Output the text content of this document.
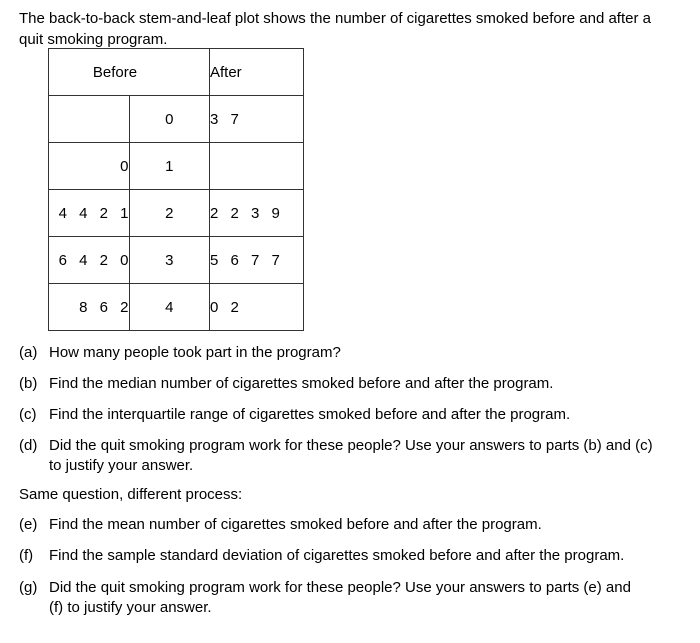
The back-to-back stem-and-leaf plot shows the number of cigarettes smoked before and after a quit smoking program.
Before		After
	0	3 7
0	1	
4 4 2 1	2	2 2 3 9
6 4 2 0	3	5 6 7 7
8 6 2	4	0 2
(a) How many people took part in the program?
(b) Find the median number of cigarettes smoked before and after the program.
(c) Find the interquartile range of cigarettes smoked before and after the program.
(d) Did the quit smoking program work for these people? Use your answers to parts (b) and (c) to justify your answer.
Same question, different process:
(e) Find the mean number of cigarettes smoked before and after the program.
(f) Find the sample standard deviation of cigarettes smoked before and after the program.
(g) Did the quit smoking program work for these people? Use your answers to parts (e) and (f) to justify your answer.
